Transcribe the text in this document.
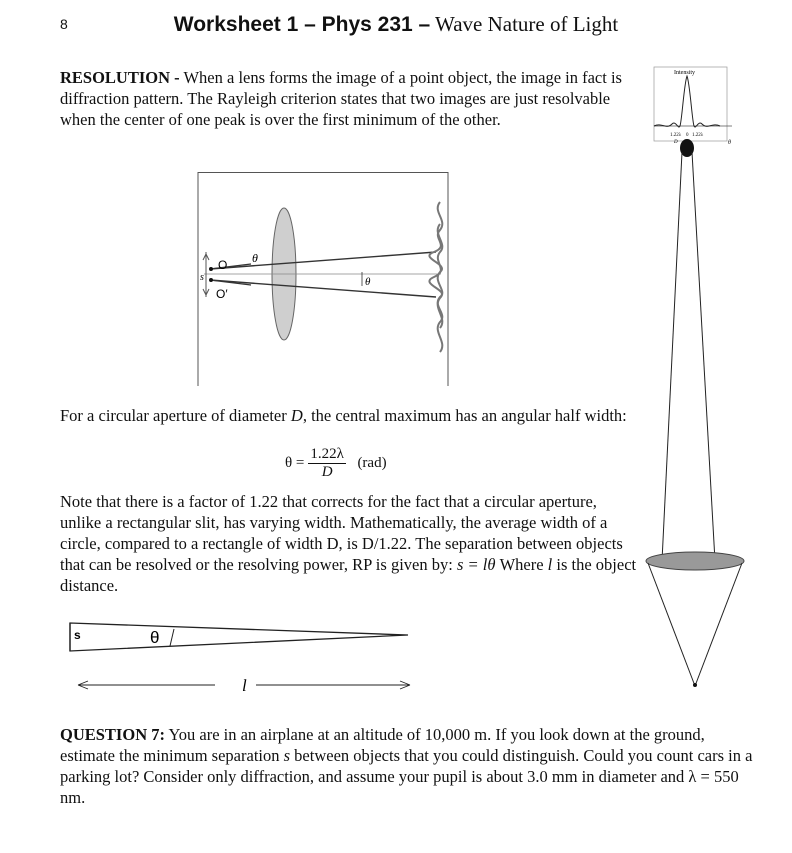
8	Worksheet 1 – Phys 231 – Wave Nature of Light
RESOLUTION - When a lens forms the image of a point object, the image in fact is diffraction pattern. The Rayleigh criterion states that two images are just resolvable when the center of one peak is over the first minimum of the other.
O
O′
s
θ
θ
Intensity
1.22λ 0 1.22λ
D	θ
For a circular aperture of diameter D, the central maximum has an angular half width:
$\theta = \frac{1.22\lambda}{D} (rad)$
Note that there is a factor of 1.22 that corrects for the fact that a circular aperture, unlike a rectangular slit, has varying width. Mathematically, the average width of a circle, compared to a rectangle of width D, is D/1.22. The separation between objects that can be resolved or the resolving power, RP is given by: s = lθ Where l is the object distance.
s	θ
l
QUESTION 7: You are in an airplane at an altitude of 10,000 m. If you look down at the ground, estimate the minimum separation s between objects that you could distinguish. Could you count cars in a parking lot? Consider only diffraction, and assume your pupil is about 3.0 mm in diameter and λ = 550 nm.
